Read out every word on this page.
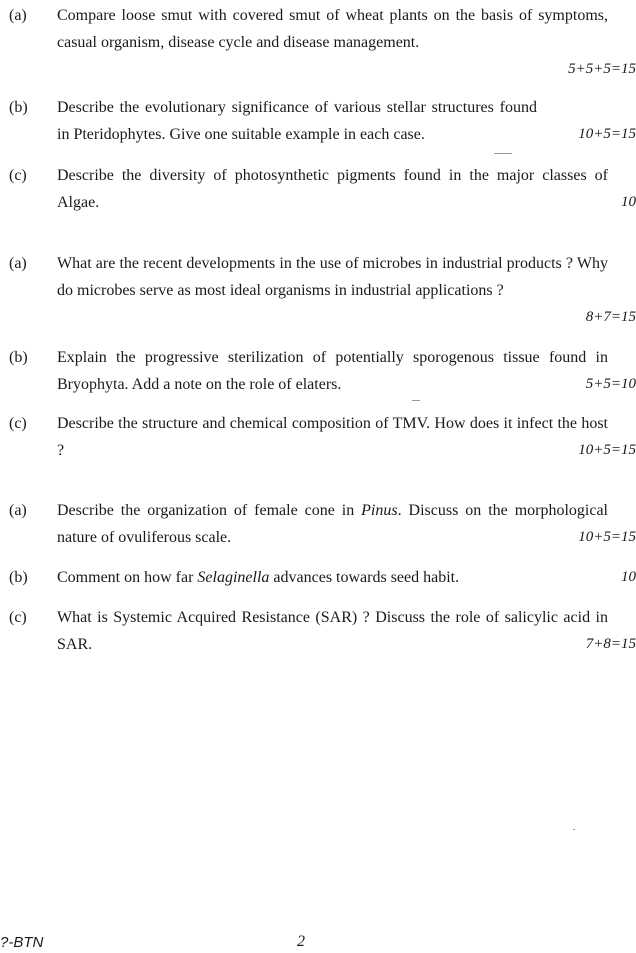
(a) Compare loose smut with covered smut of wheat plants on the basis of symptoms, casual organism, disease cycle and disease management.
5+5+5=15
(b) Describe the evolutionary significance of various stellar structures found in Pteridophytes. Give one suitable example in each case.	10+5=15
(c) Describe the diversity of photosynthetic pigments found in the major classes of Algae.	10
(a) What are the recent developments in the use of microbes in industrial products ? Why do microbes serve as most ideal organisms in industrial applications ?
8+7=15
(b) Explain the progressive sterilization of potentially sporogenous tissue found in Bryophyta. Add a note on the role of elaters.	5+5=10
(c) Describe the structure and chemical composition of TMV. How does it infect the host ?	10+5=15
(a) Describe the organization of female cone in Pinus. Discuss on the morphological nature of ovuliferous scale.	10+5=15
(b) Comment on how far Selaginella advances towards seed habit.	10
(c) What is Systemic Acquired Resistance (SAR) ? Discuss the role of salicylic acid in SAR.	7+8=15
?-BTN	2
